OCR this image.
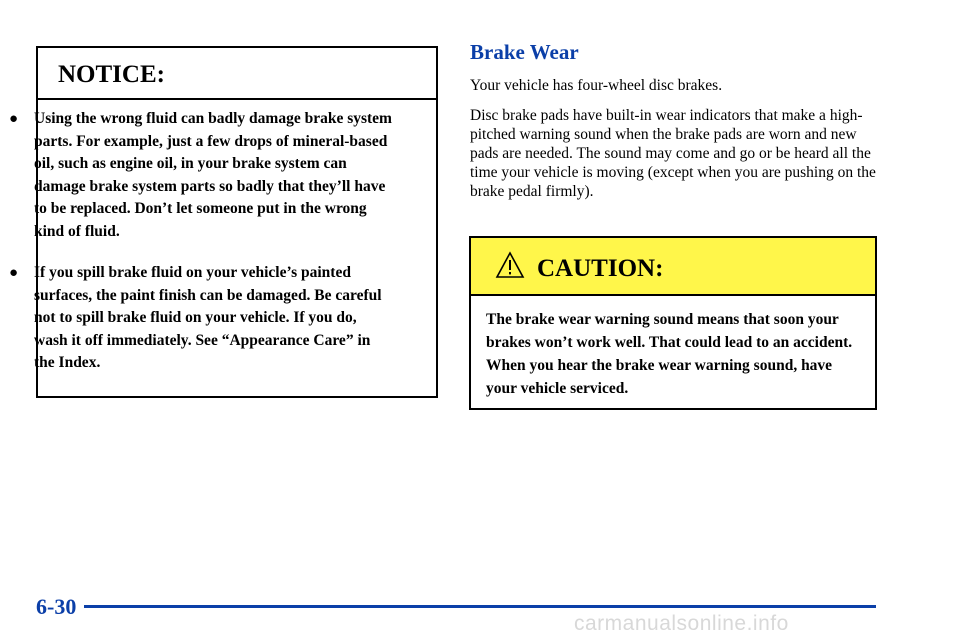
NOTICE:
● Using the wrong fluid can badly damage brake system parts. For example, just a few drops of mineral-based oil, such as engine oil, in your brake system can damage brake system parts so badly that they’ll have to be replaced. Don’t let someone put in the wrong kind of fluid.
● If you spill brake fluid on your vehicle’s painted surfaces, the paint finish can be damaged. Be careful not to spill brake fluid on your vehicle. If you do, wash it off immediately. See “Appearance Care” in the Index.
Brake Wear

Your vehicle has four-wheel disc brakes.

Disc brake pads have built-in wear indicators that make a high-pitched warning sound when the brake pads are worn and new pads are needed. The sound may come and go or be heard all the time your vehicle is moving (except when you are pushing on the brake pedal firmly).

CAUTION:

The brake wear warning sound means that soon your brakes won’t work well. That could lead to an accident. When you hear the brake wear warning sound, have your vehicle serviced.

6-30
carmanualsonline.info
